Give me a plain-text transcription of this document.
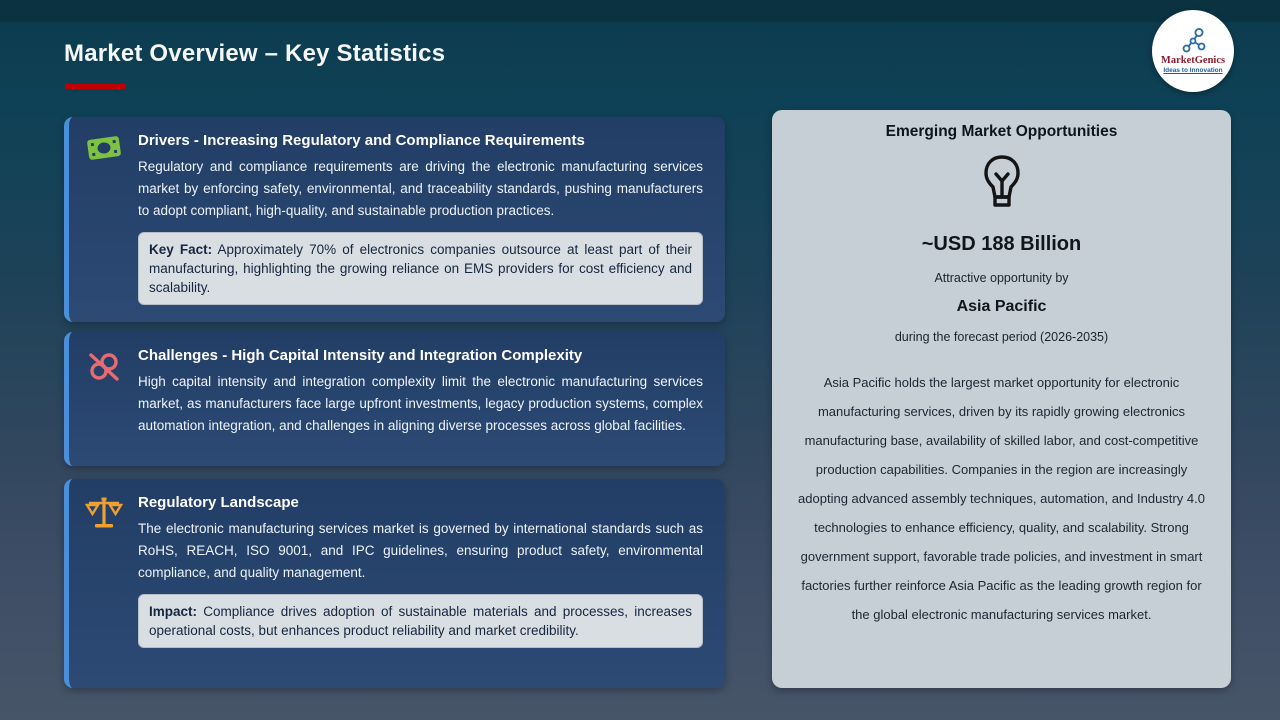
Market Overview – Key Statistics	MarketGenics
Ideas to Innovation
Drivers - Increasing Regulatory and Compliance Requirements

Regulatory and compliance requirements are driving the electronic manufacturing services market by enforcing safety, environmental, and traceability standards, pushing manufacturers to adopt compliant, high-quality, and sustainable production practices.

Key Fact: Approximately 70% of electronics companies outsource at least part of their manufacturing, highlighting the growing reliance on EMS providers for cost efficiency and scalability.
Challenges - High Capital Intensity and Integration Complexity

High capital intensity and integration complexity limit the electronic manufacturing services market, as manufacturers face large upfront investments, legacy production systems, complex automation integration, and challenges in aligning diverse processes across global facilities.

Regulatory Landscape

The electronic manufacturing services market is governed by international standards such as RoHS, REACH, ISO 9001, and IPC guidelines, ensuring product safety, environmental compliance, and quality management.

Impact: Compliance drives adoption of sustainable materials and processes, increases operational costs, but enhances product reliability and market credibility.
Emerging Market Opportunities
~USD 188 Billion
Attractive opportunity by
Asia Pacific
during the forecast period (2026-2035)
Asia Pacific holds the largest market opportunity for electronic manufacturing services, driven by its rapidly growing electronics manufacturing base, availability of skilled labor, and cost-competitive production capabilities. Companies in the region are increasingly adopting advanced assembly techniques, automation, and Industry 4.0 technologies to enhance efficiency, quality, and scalability. Strong government support, favorable trade policies, and investment in smart factories further reinforce Asia Pacific as the leading growth region for the global electronic manufacturing services market.
